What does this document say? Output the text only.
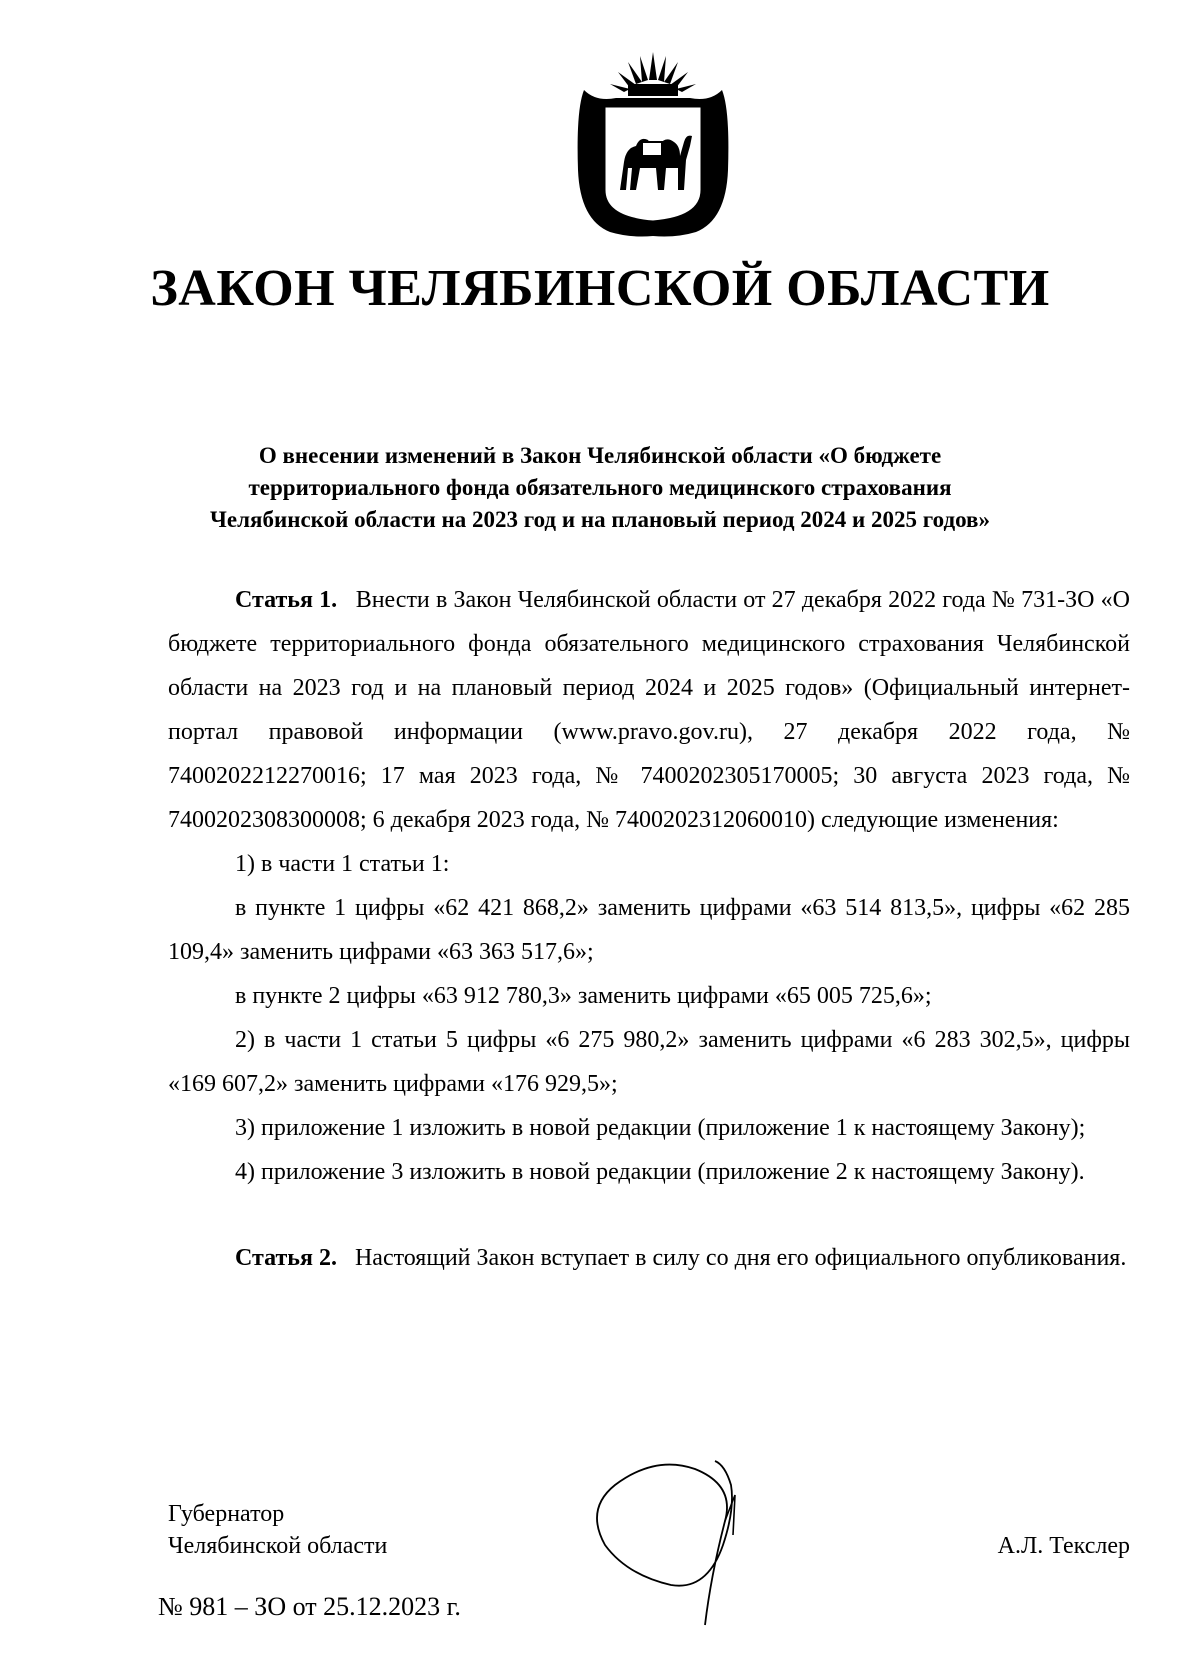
ЗАКОН ЧЕЛЯБИНСКОЙ ОБЛАСТИ
О внесении изменений в Закон Челябинской области «О бюджете
территориального фонда обязательного медицинского страхования
Челябинской области на 2023 год и на плановый период 2024 и 2025 годов»

Статья 1. Внести в Закон Челябинской области от 27 декабря 2022 года № 731-ЗО «О бюджете территориального фонда обязательного медицинского страхования Челябинской области на 2023 год и на плановый период 2024 и 2025 годов» (Официальный интернет-портал правовой информации (www.pravo.gov.ru), 27 декабря 2022 года, № 7400202212270016; 17 мая 2023 года, № 7400202305170005; 30 августа 2023 года, № 7400202308300008; 6 декабря 2023 года, № 7400202312060010) следующие изменения:

1) в части 1 статьи 1:

в пункте 1 цифры «62 421 868,2» заменить цифрами «63 514 813,5», цифры «62 285 109,4» заменить цифрами «63 363 517,6»;

в пункте 2 цифры «63 912 780,3» заменить цифрами «65 005 725,6»;

2) в части 1 статьи 5 цифры «6 275 980,2» заменить цифрами «6 283 302,5», цифры «169 607,2» заменить цифрами «176 929,5»;

3) приложение 1 изложить в новой редакции (приложение 1 к настоящему Закону);

4) приложение 3 изложить в новой редакции (приложение 2 к настоящему Закону).

Статья 2. Настоящий Закон вступает в силу со дня его официального опубликования.

Губернатор
Челябинской области	А.Л. Текслер
№ 981 – ЗО от 25.12.2023 г.
